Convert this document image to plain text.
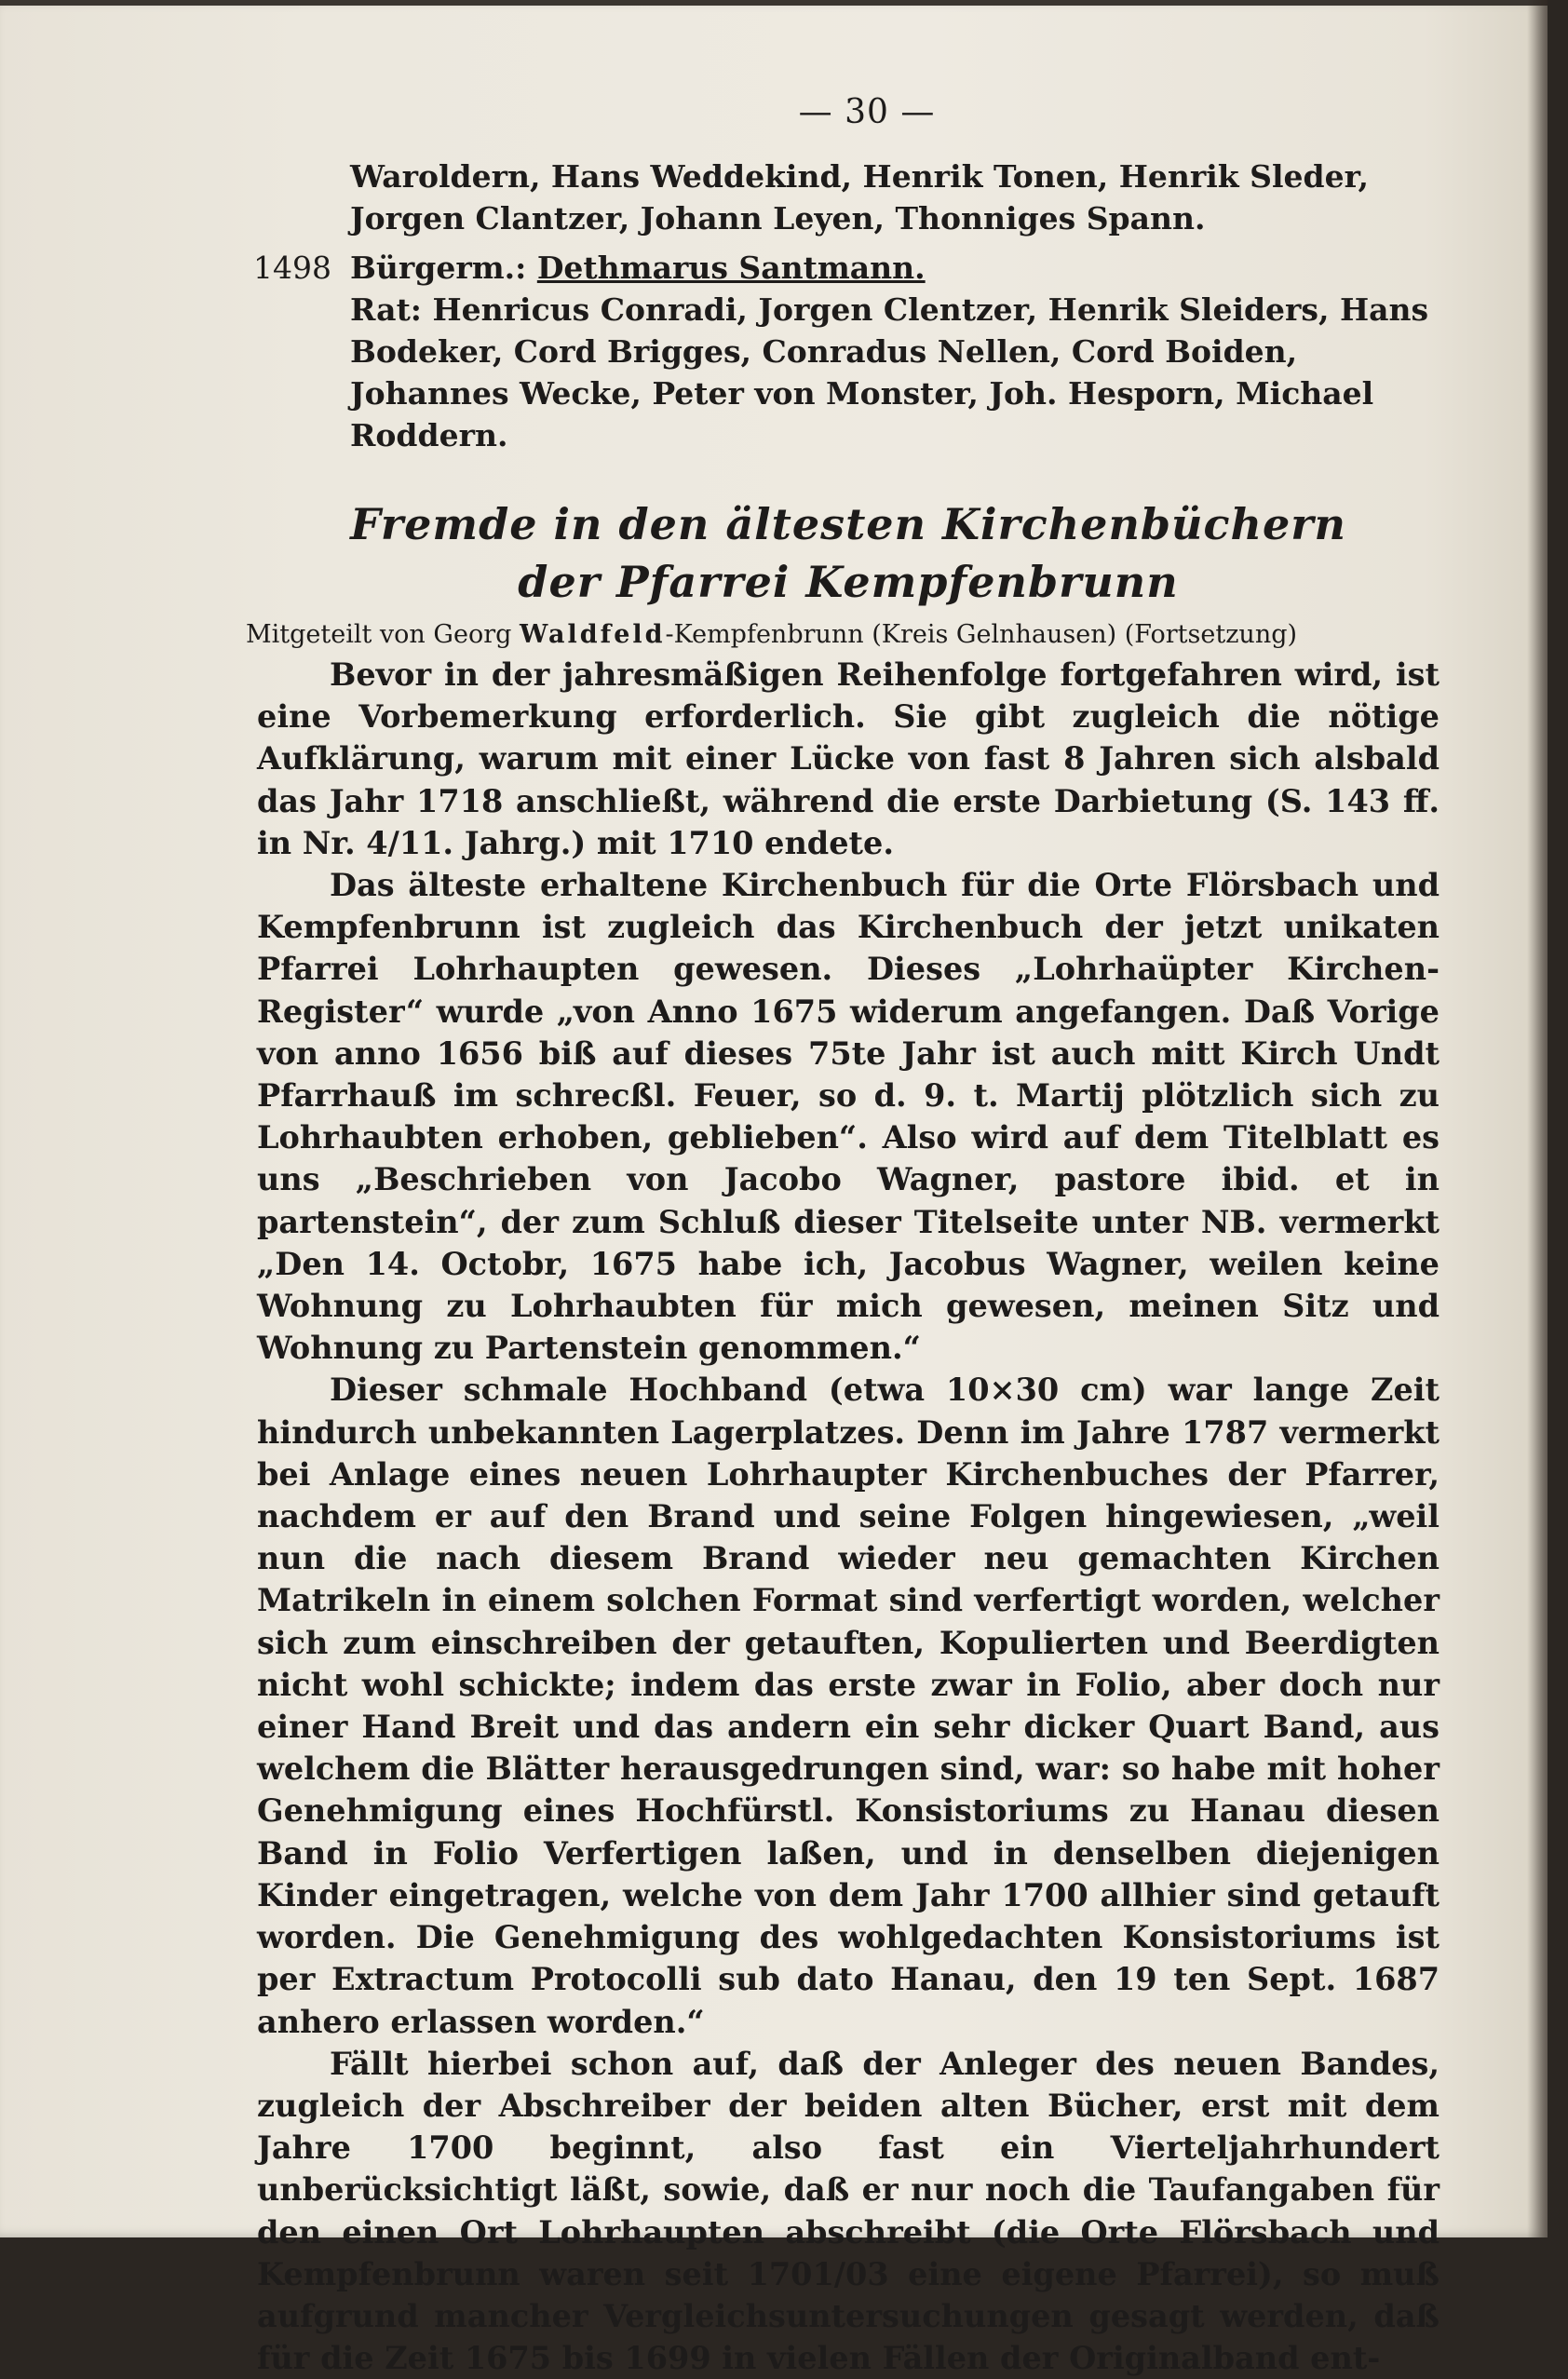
— 30 —

Waroldern, Hans Weddekind, Henrik Tonen, Henrik Sleder, Jorgen Clantzer, Johann Leyen, Thonniges Spann.

1498 Bürgerm.: Dethmarus Santmann.

Rat: Henricus Conradi, Jorgen Clentzer, Henrik Sleiders, Hans Bodeker, Cord Brigges, Conradus Nellen, Cord Boiden, Johannes Wecke, Peter von Monster, Joh. Hesporn, Michael Roddern.

Fremde in den ältesten Kirchenbüchern
der Pfarrei Kempfenbrunn
Mitgeteilt von Georg Waldfeld-Kempfenbrunn (Kreis Gelnhausen) (Fortsetzung)

Bevor in der jahresmäßigen Reihenfolge fortgefahren wird, ist eine Vorbemerkung erforderlich. Sie gibt zugleich die nötige Aufklärung, warum mit einer Lücke von fast 8 Jahren sich alsbald das Jahr 1718 anschließt, während die erste Darbietung (S. 143 ff. in Nr. 4/11. Jahrg.) mit 1710 endete.

Das älteste erhaltene Kirchenbuch für die Orte Flörsbach und Kempfenbrunn ist zugleich das Kirchenbuch der jetzt unikaten Pfarrei Lohrhaupten gewesen. Dieses „Lohrhaüpter Kirchen-Register“ wurde „von Anno 1675 widerum angefangen. Daß Vorige von anno 1656 biß auf dieses 75te Jahr ist auch mitt Kirch Undt Pfarrhauß im schrecßl. Feuer, so d. 9. t. Martij plötzlich sich zu Lohrhaubten erhoben, geblieben“. Also wird auf dem Titelblatt es uns „Beschrieben von Jacobo Wagner, pastore ibid. et in partenstein“, der zum Schluß dieser Titelseite unter NB. vermerkt „Den 14. Octobr, 1675 habe ich, Jacobus Wagner, weilen keine Wohnung zu Lohrhaubten für mich gewesen, meinen Sitz und Wohnung zu Partenstein genommen.“

Dieser schmale Hochband (etwa 10×30 cm) war lange Zeit hindurch unbekannten Lagerplatzes. Denn im Jahre 1787 vermerkt bei Anlage eines neuen Lohrhaupter Kirchenbuches der Pfarrer, nachdem er auf den Brand und seine Folgen hingewiesen, „weil nun die nach diesem Brand wieder neu gemachten Kirchen Matrikeln in einem solchen Format sind verfertigt worden, welcher sich zum einschreiben der getauften, Kopulierten und Beerdigten nicht wohl schickte; indem das erste zwar in Folio, aber doch nur einer Hand Breit und das andern ein sehr dicker Quart Band, aus welchem die Blätter herausgedrungen sind, war: so habe mit hoher Genehmigung eines Hochfürstl. Konsistoriums zu Hanau diesen Band in Folio Verfertigen laßen, und in denselben diejenigen Kinder eingetragen, welche von dem Jahr 1700 allhier sind getauft worden. Die Genehmigung des wohlgedachten Konsistoriums ist per Extractum Protocolli sub dato Hanau, den 19 ten Sept. 1687 anhero erlassen worden.“

Fällt hierbei schon auf, daß der Anleger des neuen Bandes, zugleich der Abschreiber der beiden alten Bücher, erst mit dem Jahre 1700 beginnt, also fast ein Vierteljahrhundert unberücksichtigt läßt, sowie, daß er nur noch die Taufangaben für den einen Ort Lohrhaupten abschreibt (die Orte Flörsbach und Kempfenbrunn waren seit 1701/03 eine eigene Pfarrei), so muß aufgrund mancher Vergleichsuntersuchungen gesagt werden, daß für die Zeit 1675 bis 1699 in vielen Fällen der Originalband ent-
